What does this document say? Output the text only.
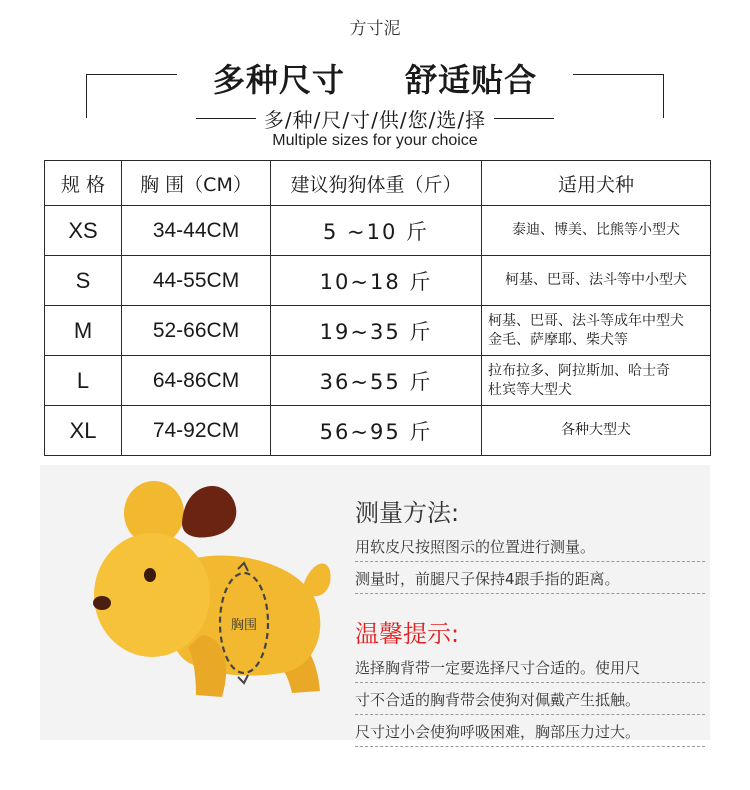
方寸泥
多种尺寸 舒适贴合
多/种/尺/寸/供/您/选/择
Multiple sizes for your choice
规 格	胸 围（CM）	建议狗狗体重（斤）	适用犬种
XS	34-44CM	5 ~10 斤	泰迪、博美、比熊等小型犬
S	44-55CM	10~18 斤	柯基、巴哥、法斗等中小型犬
M	52-66CM	19~35 斤	柯基、巴哥、法斗等成年中型犬
金毛、萨摩耶、柴犬等
L	64-86CM	36~55 斤	拉布拉多、阿拉斯加、哈士奇
杜宾等大型犬
XL	74-92CM	56~95 斤	各种大型犬
胸围
测量方法:

用软皮尺按照图示的位置进行测量。

测量时，前腿尺子保持4跟手指的距离。

温馨提示:

选择胸背带一定要选择尺寸合适的。使用尺

寸不合适的胸背带会使狗对佩戴产生抵触。

尺寸过小会使狗呼吸困难，胸部压力过大。
